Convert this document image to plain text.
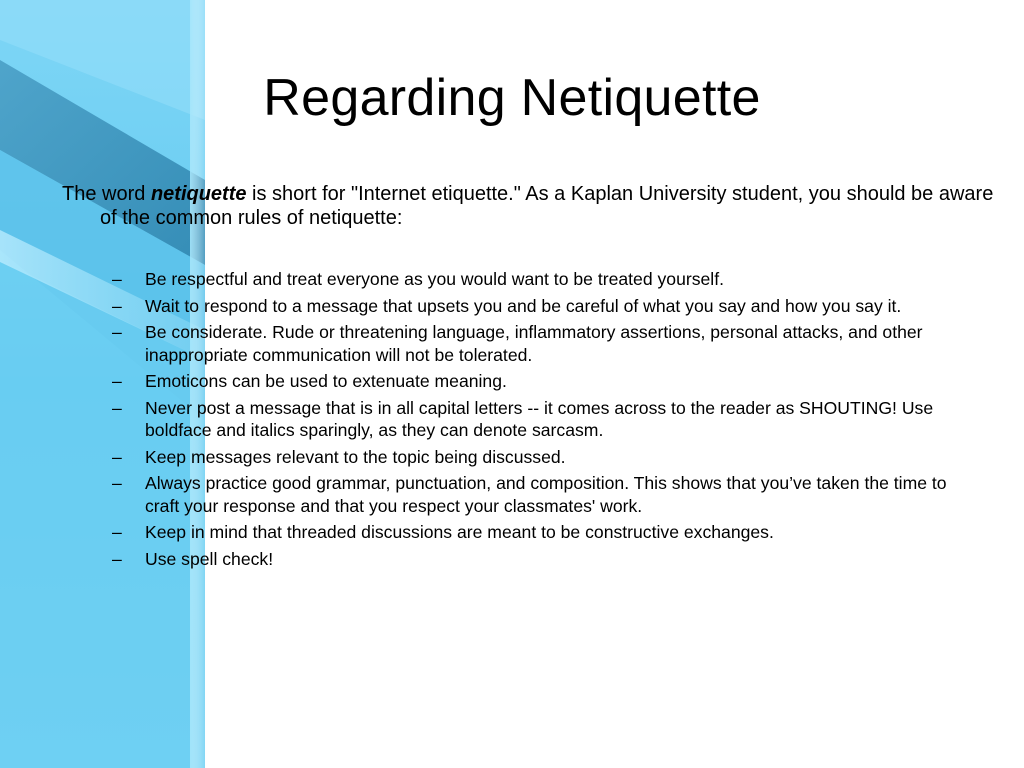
Regarding Netiquette

The word netiquette is short for "Internet etiquette." As a Kaplan University student, you should be aware of the common rules of netiquette:

– Be respectful and treat everyone as you would want to be treated yourself.
– Wait to respond to a message that upsets you and be careful of what you say and how you say it.
– Be considerate. Rude or threatening language, inflammatory assertions, personal attacks, and other inappropriate communication will not be tolerated.
– Emoticons can be used to extenuate meaning.
– Never post a message that is in all capital letters -- it comes across to the reader as SHOUTING! Use boldface and italics sparingly, as they can denote sarcasm.
– Keep messages relevant to the topic being discussed.
– Always practice good grammar, punctuation, and composition. This shows that you’ve taken the time to craft your response and that you respect your classmates' work.
– Keep in mind that threaded discussions are meant to be constructive exchanges.
– Use spell check!
